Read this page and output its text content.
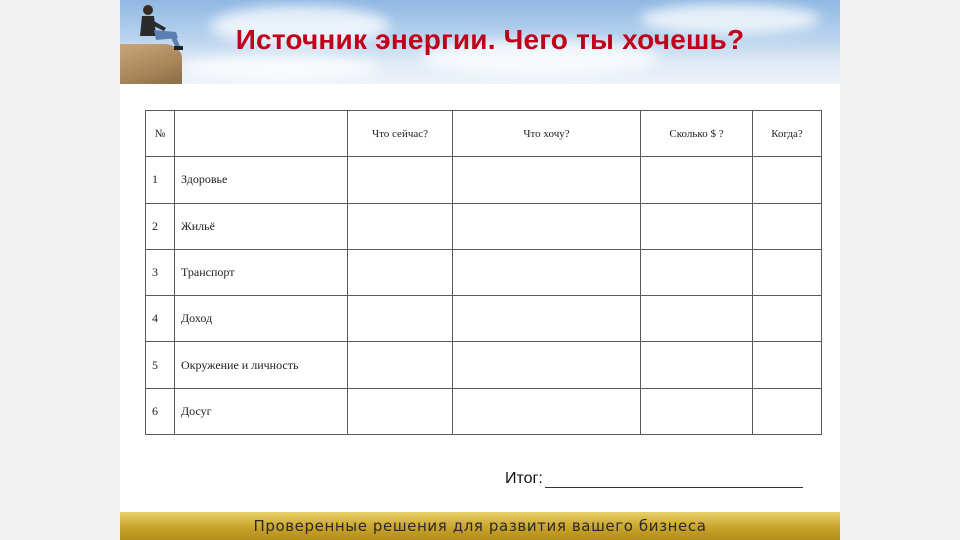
Источник энергии. Чего ты хочешь?
№		Что сейчас?	Что хочу?	Сколько $ ?	Когда?
1	Здоровье				
2	Жильё				
3	Транспорт				
4	Доход				
5	Окружение и личность				
6	Досуг				
Итог:
Проверенные решения для развития вашего бизнеса
